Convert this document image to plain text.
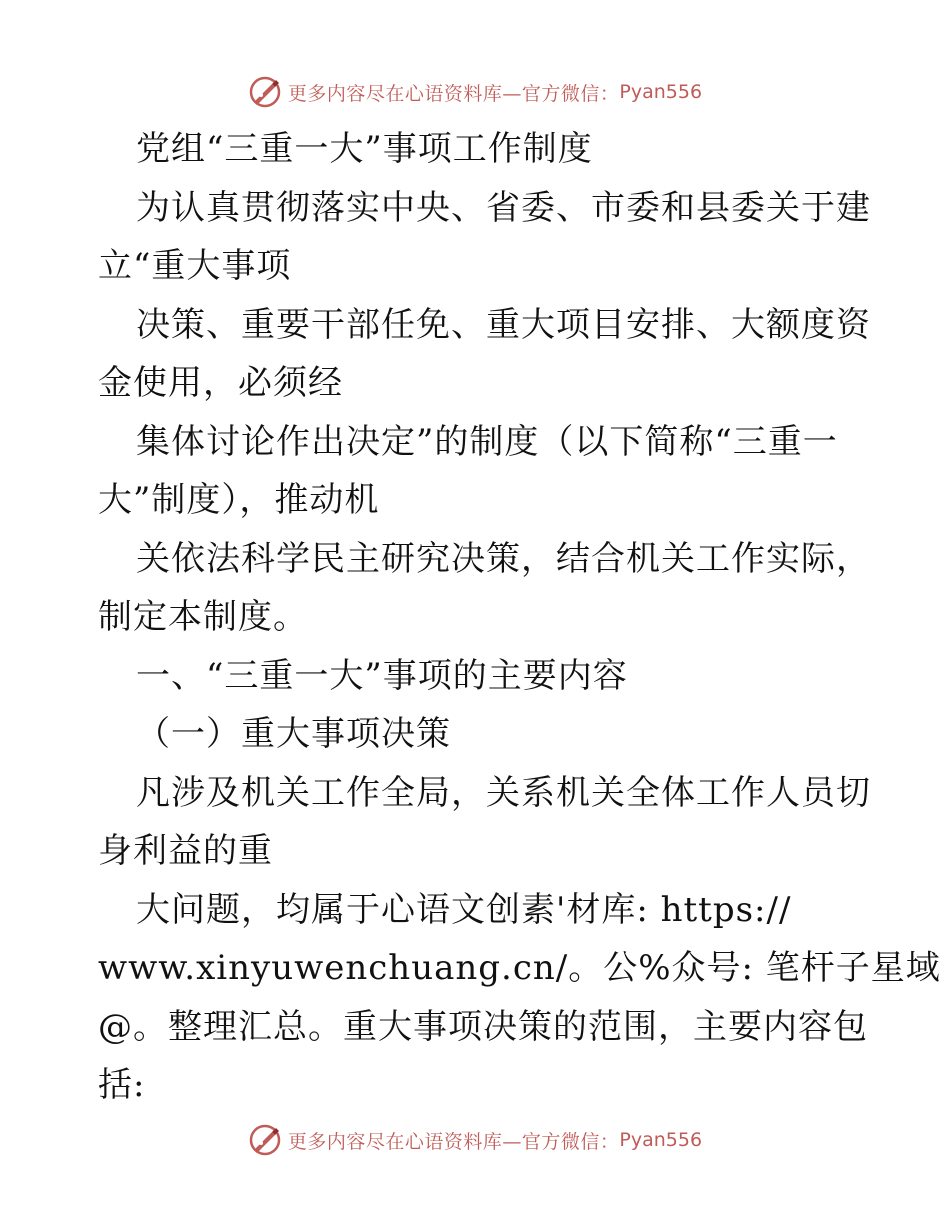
更多内容尽在心语资料库—官方微信： Pyan556
党组“三重一大”事项工作制度
为认真贯彻落实中央、省委、市委和县委关于建
立“重大事项
决策、重要干部任免、重大项目安排、大额度资
金使用，必须经
集体讨论作出决定”的制度（以下简称“三重一
大”制度），推动机
关依法科学民主研究决策，结合机关工作实际，
制定本制度。
一、“三重一大”事项的主要内容
（一）重大事项决策
凡涉及机关工作全局，关系机关全体工作人员切
身利益的重
大问题，均属于心语文创素'材库: https://
www.xinyuwenchuang.cn/。公%众号: 笔杆子星域
@。整理汇总。重大事项决策的范围，主要内容包
括:
更多内容尽在心语资料库—官方微信： Pyan556
